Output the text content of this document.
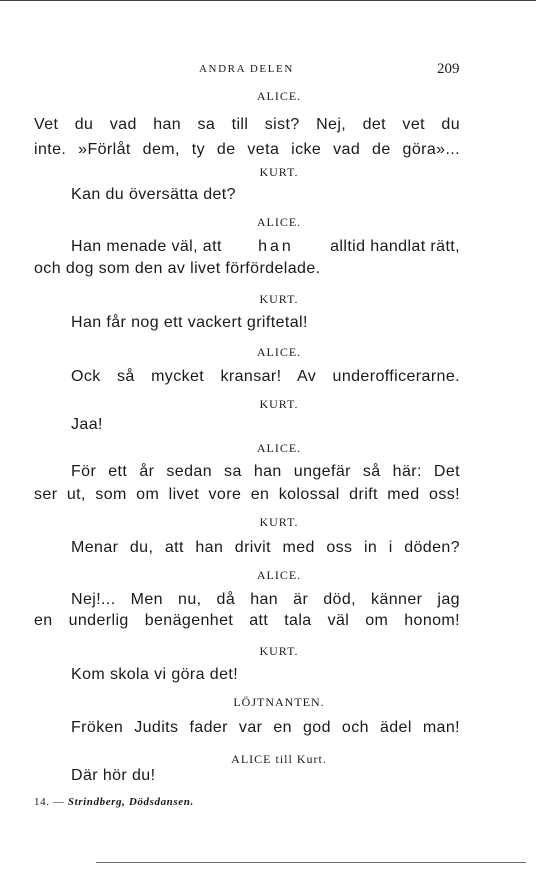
ANDRA DELEN	209
ALICE.
Vet du vad han sa till sist? Nej, det vet du
inte. »Förlåt dem, ty de veta icke vad de göra»...
KURT.
Kan du översätta det?
ALICE.
Han menade väl, att han alltid handlat rätt,
och dog som den av livet förfördelade.
KURT.
Han får nog ett vackert griftetal!
ALICE.
Ock så mycket kransar! Av underofficerarne.
KURT.
Jaa!
ALICE.
För ett år sedan sa han ungefär så här: Det
ser ut, som om livet vore en kolossal drift med oss!
KURT.
Menar du, att han drivit med oss in i döden?
ALICE.
Nej!... Men nu, då han är död, känner jag
en underlig benägenhet att tala väl om honom!
KURT.
Kom skola vi göra det!
LÖJTNANTEN.
Fröken Judits fader var en god och ädel man!
ALICE till Kurt.
Där hör du!
14. — Strindberg, Dödsdansen.
